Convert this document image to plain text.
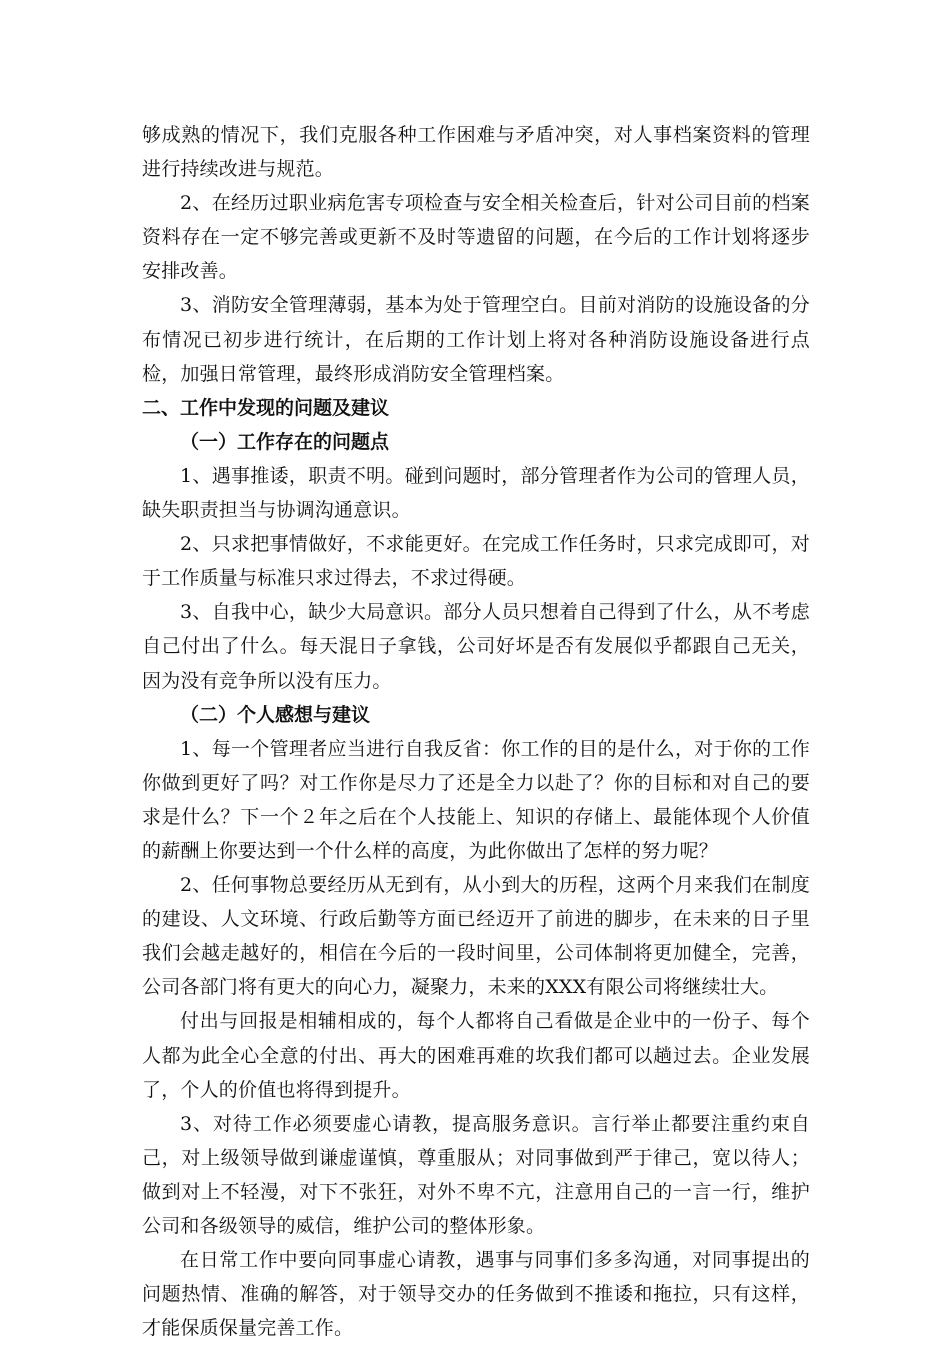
够成熟的情况下，我们克服各种工作困难与矛盾冲突，对人事档案资料的管理进行持续改进与规范。

2、在经历过职业病危害专项检查与安全相关检查后，针对公司目前的档案资料存在一定不够完善或更新不及时等遗留的问题，在今后的工作计划将逐步安排改善。

3、消防安全管理薄弱，基本为处于管理空白。目前对消防的设施设备的分布情况已初步进行统计，在后期的工作计划上将对各种消防设施设备进行点检，加强日常管理，最终形成消防安全管理档案。

二、工作中发现的问题及建议

（一）工作存在的问题点

1、遇事推诿，职责不明。碰到问题时，部分管理者作为公司的管理人员，缺失职责担当与协调沟通意识。

2、只求把事情做好，不求能更好。在完成工作任务时，只求完成即可，对于工作质量与标准只求过得去，不求过得硬。

3、自我中心，缺少大局意识。部分人员只想着自己得到了什么，从不考虑自己付出了什么。每天混日子拿钱，公司好坏是否有发展似乎都跟自己无关，因为没有竞争所以没有压力。

（二）个人感想与建议

1、每一个管理者应当进行自我反省：你工作的目的是什么，对于你的工作你做到更好了吗？对工作你是尽力了还是全力以赴了？你的目标和对自己的要求是什么？下一个２年之后在个人技能上、知识的存储上、最能体现个人价值的薪酬上你要达到一个什么样的高度，为此你做出了怎样的努力呢？

2、任何事物总要经历从无到有，从小到大的历程，这两个月来我们在制度的建设、人文环境、行政后勤等方面已经迈开了前进的脚步，在未来的日子里我们会越走越好的，相信在今后的一段时间里，公司体制将更加健全，完善，公司各部门将有更大的向心力，凝聚力，未来的XXX有限公司将继续壮大。

付出与回报是相辅相成的，每个人都将自己看做是企业中的一份子、每个人都为此全心全意的付出、再大的困难再难的坎我们都可以趟过去。企业发展了，个人的价值也将得到提升。

3、对待工作必须要虚心请教，提高服务意识。言行举止都要注重约束自己，对上级领导做到谦虚谨慎，尊重服从；对同事做到严于律己，宽以待人；做到对上不轻漫，对下不张狂，对外不卑不亢，注意用自己的一言一行，维护公司和各级领导的威信，维护公司的整体形象。

在日常工作中要向同事虚心请教，遇事与同事们多多沟通，对同事提出的问题热情、准确的解答，对于领导交办的任务做到不推诿和拖拉，只有这样，才能保质保量完善工作。
